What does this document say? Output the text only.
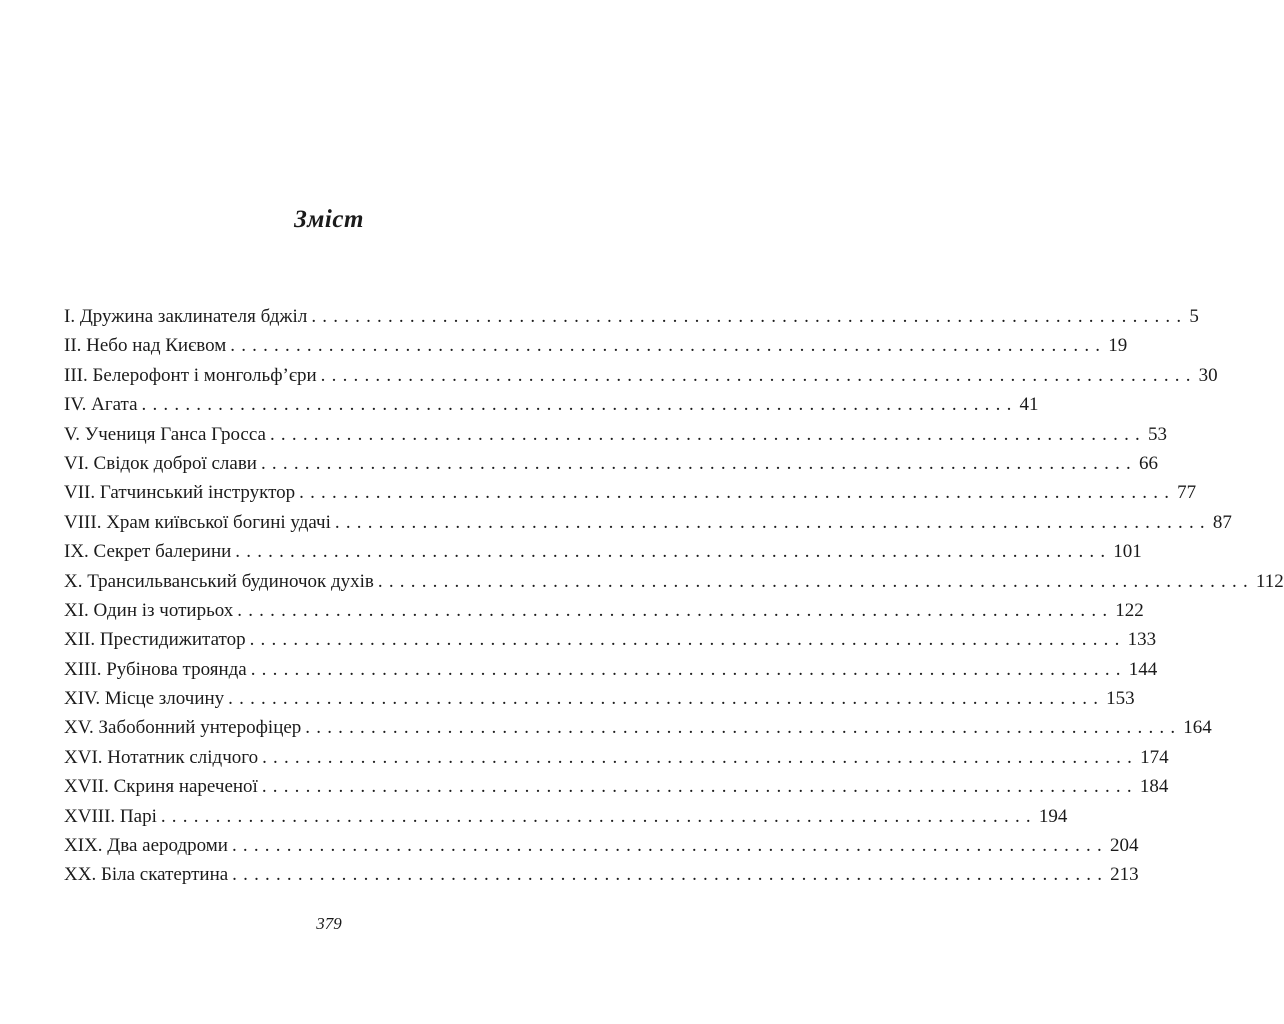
Зміст
I. Дружина заклинателя бджіл ................................................................................ 5
II. Небо над Києвом ................................................................................ 19
III. Белерофонт і монгольф’єри ................................................................................ 30
IV. Агата ................................................................................ 41
V. Учениця Ганса Гросса ................................................................................ 53
VI. Свідок доброї слави ................................................................................ 66
VII. Гатчинський інструктор ................................................................................ 77
VIII. Храм київської богині удачі ................................................................................ 87
IX. Секрет балерини ................................................................................ 101
X. Трансильванський будиночок духів ................................................................................ 112
XI. Один із чотирьох ................................................................................ 122
XII. Престидижитатор ................................................................................ 133
XIII. Рубінова троянда ................................................................................ 144
XIV. Місце злочину ................................................................................ 153
XV. Забобонний унтерофіцер ................................................................................ 164
XVI. Нотатник слідчого ................................................................................ 174
XVII. Скриня нареченої ................................................................................ 184
XVIII. Парі ................................................................................ 194
XIX. Два аеродроми ................................................................................ 204
XX. Біла скатертина ................................................................................ 213
379
